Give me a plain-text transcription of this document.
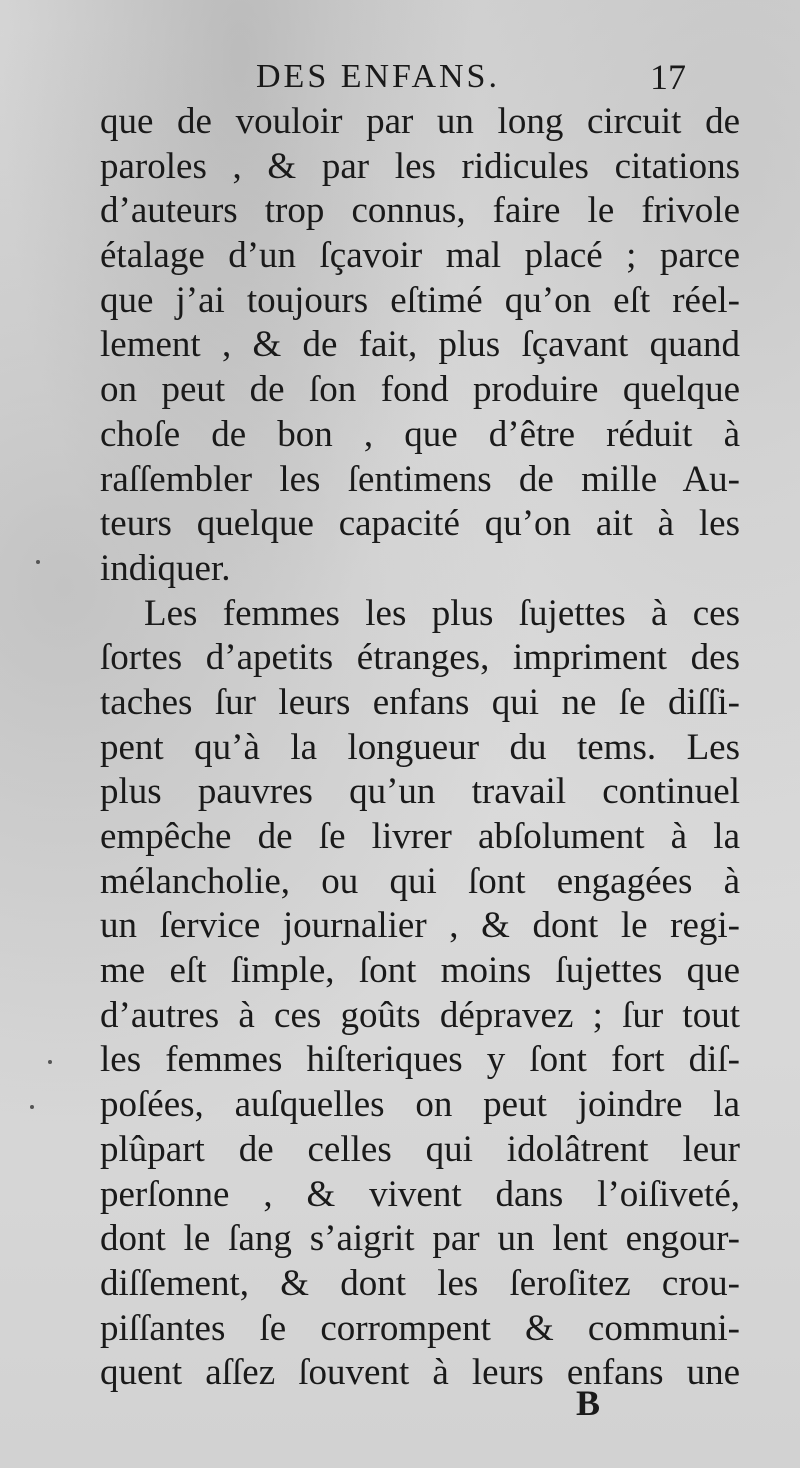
DES ENFANS.	17
que de vouloir par un long circuit de
paroles , & par les ridicules citations
d’auteurs trop connus, faire le frivole
étalage d’un ſçavoir mal placé ; parce
que j’ai toujours eſtimé qu’on eſt réel-
lement , & de fait, plus ſçavant quand
on peut de ſon fond produire quelque
choſe de bon , que d’être réduit à
raſſembler les ſentimens de mille Au-
teurs quelque capacité qu’on ait à les
indiquer.
Les femmes les plus ſujettes à ces
ſortes d’apetits étranges, impriment des
taches ſur leurs enfans qui ne ſe diſſi-
pent qu’à la longueur du tems. Les
plus pauvres qu’un travail continuel
empêche de ſe livrer abſolument à la
mélancholie, ou qui ſont engagées à
un ſervice journalier , & dont le regi-
me eſt ſimple, ſont moins ſujettes que
d’autres à ces goûts dépravez ; ſur tout
les femmes hiſteriques y ſont fort diſ-
poſées, auſquelles on peut joindre la
plûpart de celles qui idolâtrent leur
perſonne , & vivent dans l’oiſiveté,
dont le ſang s’aigrit par un lent engour-
diſſement, & dont les ſeroſitez crou-
piſſantes ſe corrompent & communi-
quent aſſez ſouvent à leurs enfans une
B
